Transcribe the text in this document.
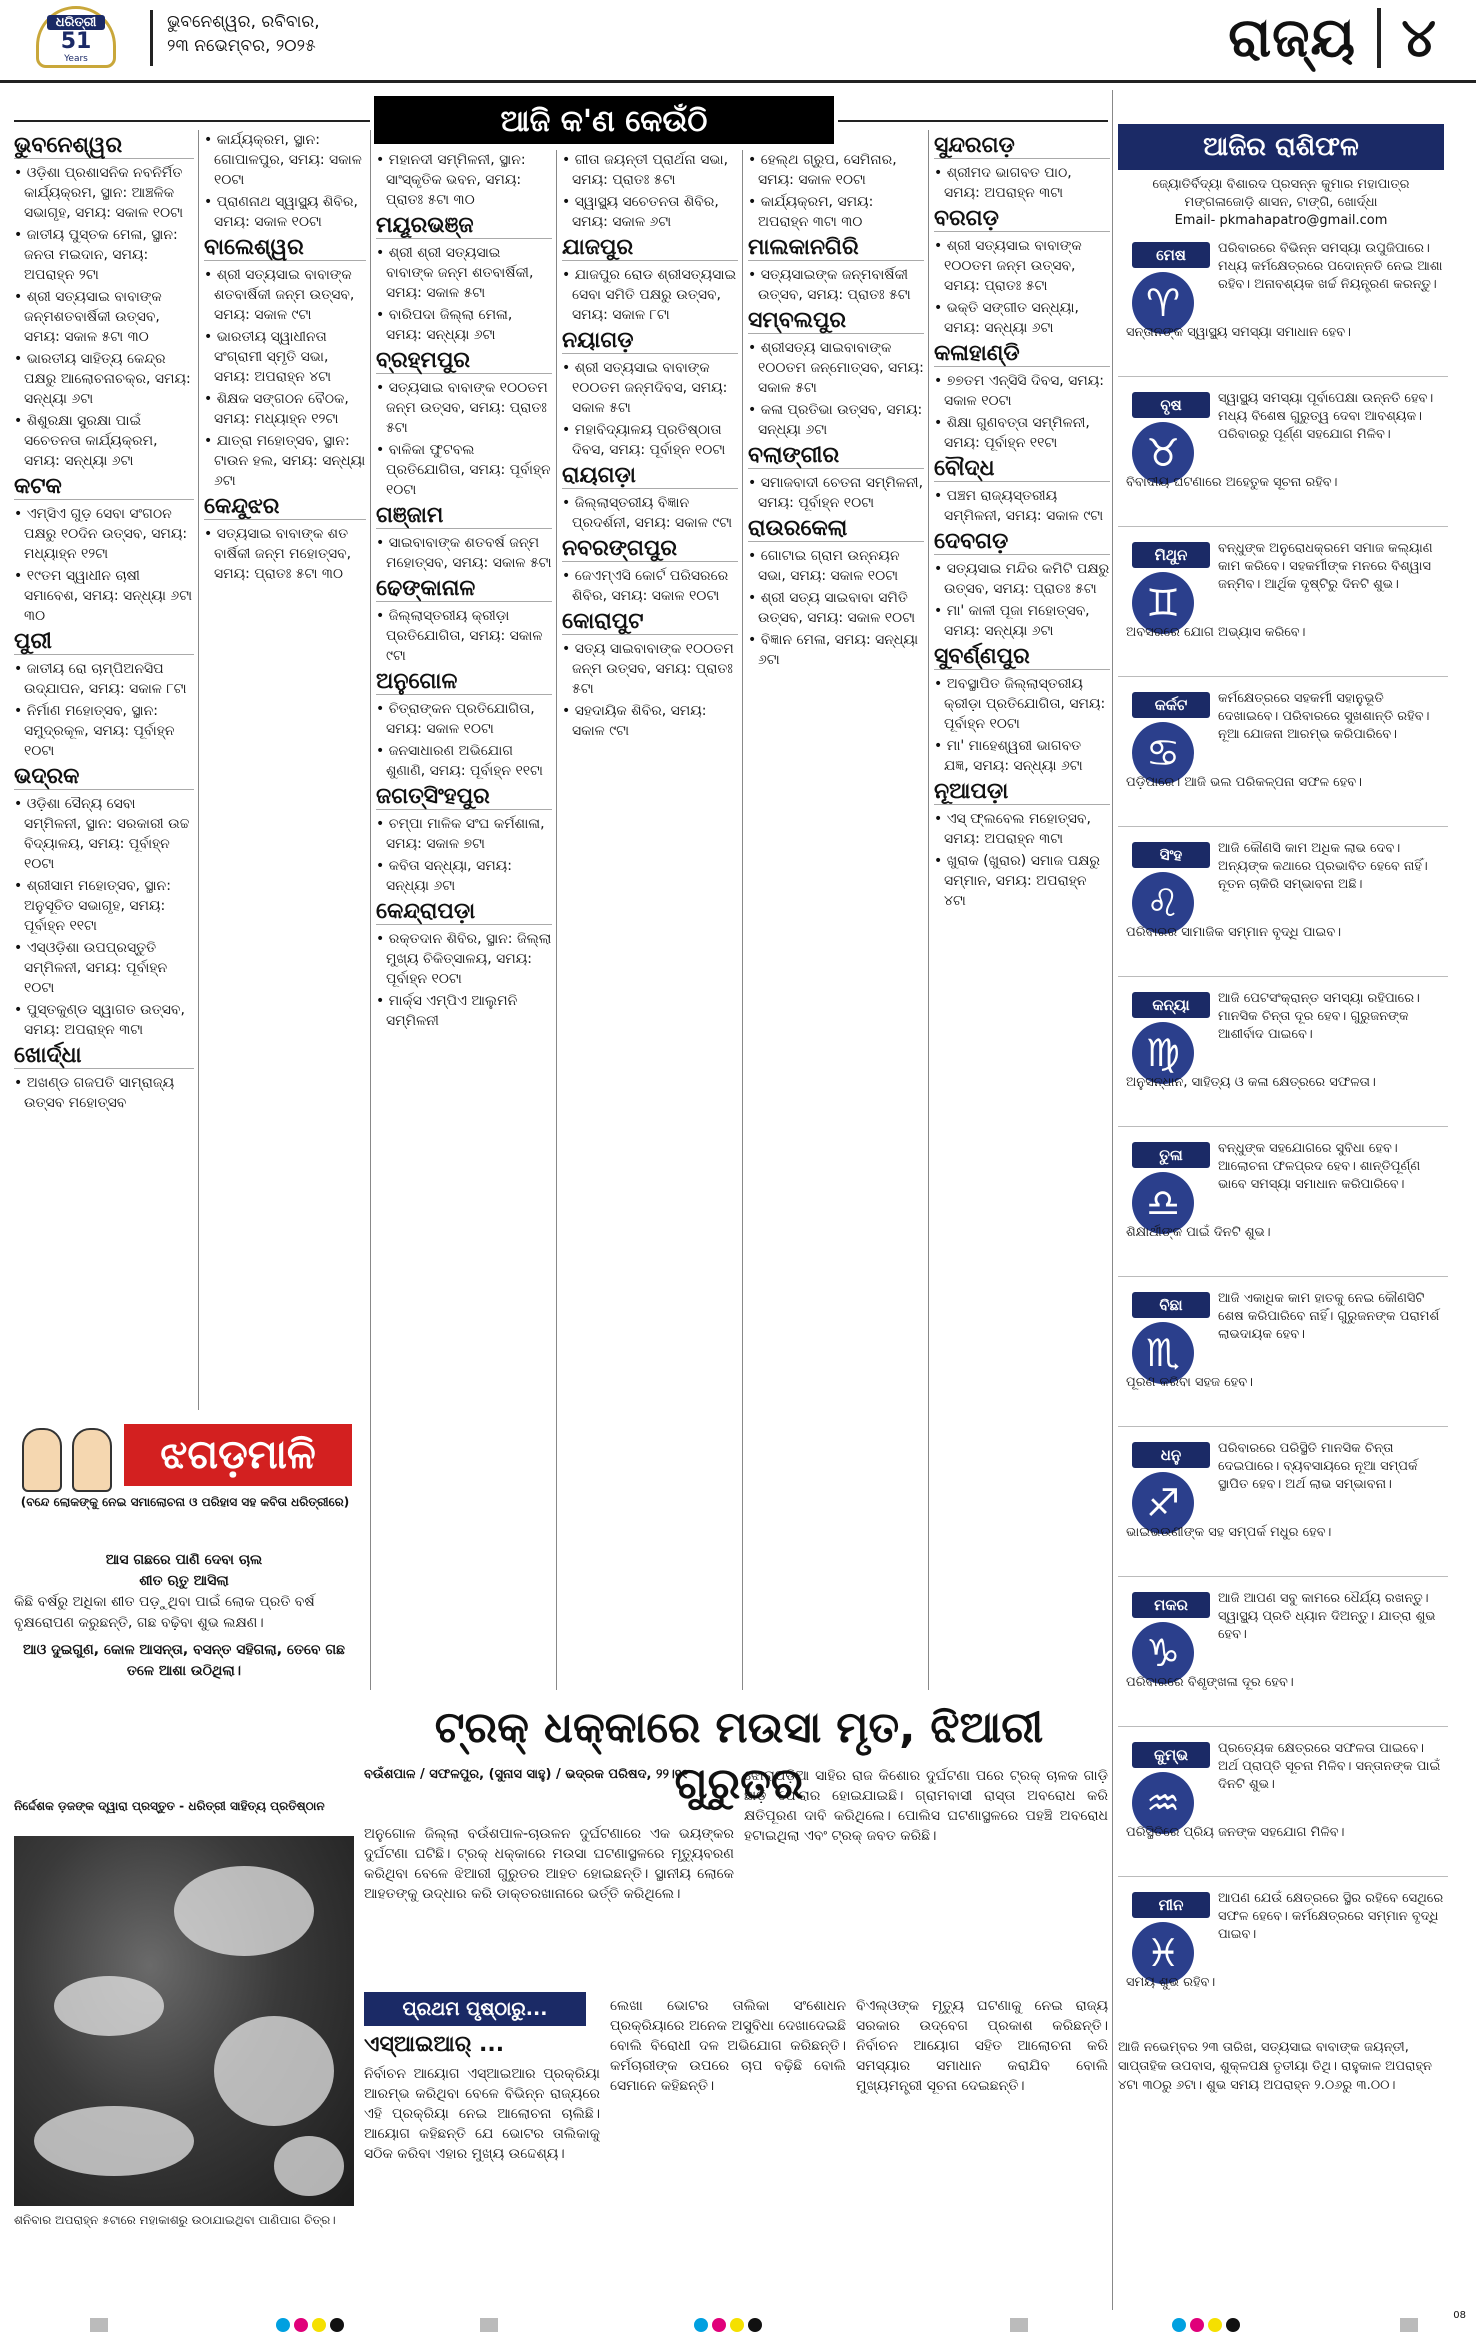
ଧରିତ୍ରୀ
51
Years
ଭୁବନେଶ୍ୱର, ରବିବାର,
୨୩ ନଭେମ୍ବର, ୨୦୨୫	ରାଜ୍ୟ ୪
ଆଜି କ'ଣ କେଉଁଠି
ଭୁବନେଶ୍ୱର
• ଓଡ଼ିଶା ପ୍ରଶାସନିକ ନବନିର୍ମିତ କାର୍ଯ୍ୟକ୍ରମ, ସ୍ଥାନ: ଆଞ୍ଚଳିକ ସଭାଗୃହ, ସମୟ: ସକାଳ ୧୦ଟା
• ଜାତୀୟ ପୁସ୍ତକ ମେଳା, ସ୍ଥାନ: ଜନତା ମଇଦାନ, ସମୟ: ଅପରାହ୍ନ ୨ଟା
• ଶ୍ରୀ ସତ୍ୟସାଇ ବାବାଙ୍କ ଜନ୍ମଶତବାର୍ଷିକୀ ଉତ୍ସବ, ସମୟ: ସକାଳ ୫ଟା ୩୦
• ଭାରତୀୟ ସାହିତ୍ୟ କେନ୍ଦ୍ର ପକ୍ଷରୁ ଆଲୋଚନାଚକ୍ର, ସମୟ: ସନ୍ଧ୍ୟା ୬ଟା
• ଶିଶୁରକ୍ଷା ସୁରକ୍ଷା ପାଇଁ ସଚେତନତା କାର୍ଯ୍ୟକ୍ରମ, ସମୟ: ସନ୍ଧ୍ୟା ୬ଟା
କଟକ
• ଏମ୍‌ସିଏ ଗୁଡ଼ ସେବା ସଂଗଠନ ପକ୍ଷରୁ ୧୦ଦିନ ଉତ୍ସବ, ସମୟ: ମଧ୍ୟାହ୍ନ ୧୨ଟା
• ୧୯ତମ ସ୍ୱାଧୀନ ଚାଷୀ ସମାବେଶ, ସମୟ: ସନ୍ଧ୍ୟା ୬ଟା ୩୦
ପୁରୀ
• ଜାତୀୟ ରୋ ଚାମ୍ପିଅନସିପ ଉଦ୍‌ଯାପନ, ସମୟ: ସକାଳ ୮ଟା
• ନିର୍ମାଣ ମହୋତ୍ସବ, ସ୍ଥାନ: ସମୁଦ୍ରକୂଳ, ସମୟ: ପୂର୍ବାହ୍ନ ୧୦ଟା
ଭଦ୍ରକ
• ଓଡ଼ିଶା ସୈନ୍ୟ ସେବା ସମ୍ମିଳନୀ, ସ୍ଥାନ: ସରକାରୀ ଉଚ୍ଚ ବିଦ୍ୟାଳୟ, ସମୟ: ପୂର୍ବାହ୍ନ ୧୦ଟା
• ଶ୍ରୀସାମ ମହୋତ୍ସବ, ସ୍ଥାନ: ଅନୁସୂଚିତ ସଭାଗୃହ, ସମୟ: ପୂର୍ବାହ୍ନ ୧୧ଟା
• ଏସ୍‌ଓଡ଼ିଶା ଉପପ୍ରସ୍ତୁତି ସମ୍ମିଳନୀ, ସମୟ: ପୂର୍ବାହ୍ନ ୧୦ଟା
• ପୁସ୍ତକୁଣ୍ଡ ସ୍ୱାଗତ ଉତ୍ସବ, ସମୟ: ଅପରାହ୍ନ ୩ଟା
ଖୋର୍ଦ୍ଧା
• ଅଖଣ୍ଡ ଗଜପତି ସାମ୍ରାଜ୍ୟ ଉତ୍ସବ ମହୋତ୍ସବ
• କାର୍ଯ୍ୟକ୍ରମ, ସ୍ଥାନ: ଗୋପାଳପୁର, ସମୟ: ସକାଳ ୧୦ଟା
• ପ୍ରାଣନାଥ ସ୍ୱାସ୍ଥ୍ୟ ଶିବିର, ସମୟ: ସକାଳ ୧୦ଟା
ବାଲେଶ୍ୱର
• ଶ୍ରୀ ସତ୍ୟସାଇ ବାବାଙ୍କ ଶତବାର୍ଷିକୀ ଜନ୍ମ ଉତ୍ସବ, ସମୟ: ସକାଳ ୯ଟା
• ଭାରତୀୟ ସ୍ୱାଧୀନତା ସଂଗ୍ରାମୀ ସ୍ମୃତି ସଭା, ସମୟ: ଅପରାହ୍ନ ୪ଟା
• ଶିକ୍ଷକ ସଙ୍ଗଠନ ବୈଠକ, ସମୟ: ମଧ୍ୟାହ୍ନ ୧୨ଟା
• ଯାତ୍ରା ମହୋତ୍ସବ, ସ୍ଥାନ: ଟାଉନ ହଲ, ସମୟ: ସନ୍ଧ୍ୟା ୬ଟା
କେନ୍ଦୁଝର
• ସତ୍ୟସାଇ ବାବାଙ୍କ ଶତ ବାର୍ଷିକୀ ଜନ୍ମ ମହୋତ୍ସବ, ସମୟ: ପ୍ରାତଃ ୫ଟା ୩୦
• ମହାନଦୀ ସମ୍ମିଳନୀ, ସ୍ଥାନ: ସାଂସ୍କୃତିକ ଭବନ, ସମୟ: ପ୍ରାତଃ ୫ଟା ୩୦
ମୟୂରଭଞ୍ଜ
• ଶ୍ରୀ ଶ୍ରୀ ସତ୍ୟସାଇ ବାବାଙ୍କ ଜନ୍ମ ଶତବାର୍ଷିକୀ, ସମୟ: ସକାଳ ୫ଟା
• ବାରିପଦା ଜିଲ୍ଲା ମେଳା, ସମୟ: ସନ୍ଧ୍ୟା ୬ଟା
ବ୍ରହ୍ମପୁର
• ସତ୍ୟସାଇ ବାବାଙ୍କ ୧୦୦ତମ ଜନ୍ମ ଉତ୍ସବ, ସମୟ: ପ୍ରାତଃ ୫ଟା
• ବାଳିକା ଫୁଟବଲ ପ୍ରତିଯୋଗିତା, ସମୟ: ପୂର୍ବାହ୍ନ ୧୦ଟା
ଗଞ୍ଜାମ
• ସାଇବାବାଙ୍କ ଶତବର୍ଷ ଜନ୍ମ ମହୋତ୍ସବ, ସମୟ: ସକାଳ ୫ଟା
ଢେଙ୍କାନାଳ
• ଜିଲ୍ଲାସ୍ତରୀୟ କ୍ରୀଡ଼ା ପ୍ରତିଯୋଗିତା, ସମୟ: ସକାଳ ୯ଟା
ଅନୁଗୋଳ
• ଚିତ୍ରାଙ୍କନ ପ୍ରତିଯୋଗିତା, ସମୟ: ସକାଳ ୧୦ଟା
• ଜନସାଧାରଣ ଅଭିଯୋଗ ଶୁଣାଣି, ସମୟ: ପୂର୍ବାହ୍ନ ୧୧ଟା
ଜଗତ୍‌ସିଂହପୁର
• ଚମ୍ପା ମାଳିକ ସଂଘ କର୍ମଶାଳା, ସମୟ: ସକାଳ ୭ଟା
• କବିତା ସନ୍ଧ୍ୟା, ସମୟ: ସନ୍ଧ୍ୟା ୬ଟା
କେନ୍ଦ୍ରାପଡ଼ା
• ରକ୍ତଦାନ ଶିବିର, ସ୍ଥାନ: ଜିଲ୍ଲା ମୁଖ୍ୟ ଚିକିତ୍ସାଳୟ, ସମୟ: ପୂର୍ବାହ୍ନ ୧୦ଟା
• ମାର୍କ୍ସ ଏମ୍‌ପିଏ ଆଲୁମନି ସମ୍ମିଳନୀ
• ଗୀତା ଜୟନ୍ତୀ ପ୍ରାର୍ଥନା ସଭା, ସମୟ: ପ୍ରାତଃ ୫ଟା
• ସ୍ୱାସ୍ଥ୍ୟ ସଚେତନତା ଶିବିର, ସମୟ: ସକାଳ ୬ଟା
ଯାଜପୁର
• ଯାଜପୁର ରୋଡ ଶ୍ରୀସତ୍ୟସାଇ ସେବା ସମିତି ପକ୍ଷରୁ ଉତ୍ସବ, ସମୟ: ସକାଳ ୮ଟା
ନୟାଗଡ଼
• ଶ୍ରୀ ସତ୍ୟସାଇ ବାବାଙ୍କ ୧୦୦ତମ ଜନ୍ମଦିବସ, ସମୟ: ସକାଳ ୫ଟା
• ମହାବିଦ୍ୟାଳୟ ପ୍ରତିଷ୍ଠାତା ଦିବସ, ସମୟ: ପୂର୍ବାହ୍ନ ୧୦ଟା
ରାୟଗଡ଼ା
• ଜିଲ୍ଲାସ୍ତରୀୟ ବିଜ୍ଞାନ ପ୍ରଦର୍ଶନୀ, ସମୟ: ସକାଳ ୯ଟା
ନବରଙ୍ଗପୁର
• ଜେଏମ୍‌ଏସି କୋର୍ଟ ପରିସରରେ ଶିବିର, ସମୟ: ସକାଳ ୧୦ଟା
କୋରାପୁଟ
• ସତ୍ୟ ସାଇବାବାଙ୍କ ୧୦୦ତମ ଜନ୍ମ ଉତ୍ସବ, ସମୟ: ପ୍ରାତଃ ୫ଟା
• ସହଦାୟିକ ଶିବିର, ସମୟ: ସକାଳ ୯ଟା
• ହେଲ୍ଥ ଗ୍ରୁପ, ସେମିନାର, ସମୟ: ସକାଳ ୧୦ଟା
• କାର୍ଯ୍ୟକ୍ରମ, ସମୟ: ଅପରାହ୍ନ ୩ଟା ୩୦
ମାଲକାନଗିରି
• ସତ୍ୟସାଇଙ୍କ ଜନ୍ମବାର୍ଷିକୀ ଉତ୍ସବ, ସମୟ: ପ୍ରାତଃ ୫ଟା
ସମ୍ବଲପୁର
• ଶ୍ରୀସତ୍ୟ ସାଇବାବାଙ୍କ ୧୦୦ତମ ଜନ୍ମୋତ୍ସବ, ସମୟ: ସକାଳ ୫ଟା
• କଳା ପ୍ରତିଭା ଉତ୍ସବ, ସମୟ: ସନ୍ଧ୍ୟା ୬ଟା
ବଲାଙ୍ଗୀର
• ସମାଜବାଦୀ ଚେତନା ସମ୍ମିଳନୀ, ସମୟ: ପୂର୍ବାହ୍ନ ୧୦ଟା
ରାଉରକେଲା
• ଗୋଟାଇ ଗ୍ରାମ ଉନ୍ନୟନ ସଭା, ସମୟ: ସକାଳ ୧୦ଟା
• ଶ୍ରୀ ସତ୍ୟ ସାଇବାବା ସମିତି ଉତ୍ସବ, ସମୟ: ସକାଳ ୧୦ଟା
• ବିଜ୍ଞାନ ମେଳା, ସମୟ: ସନ୍ଧ୍ୟା ୬ଟା
ସୁନ୍ଦରଗଡ଼
• ଶ୍ରୀମଦ ଭାଗବତ ପାଠ, ସମୟ: ଅପରାହ୍ନ ୩ଟା
ବରଗଡ଼
• ଶ୍ରୀ ସତ୍ୟସାଇ ବାବାଙ୍କ ୧୦୦ତମ ଜନ୍ମ ଉତ୍ସବ, ସମୟ: ପ୍ରାତଃ ୫ଟା
• ଭକ୍ତି ସଙ୍ଗୀତ ସନ୍ଧ୍ୟା, ସମୟ: ସନ୍ଧ୍ୟା ୬ଟା
କଳାହାଣ୍ଡି
• ୭୭ତମ ଏନ୍‌ସିସି ଦିବସ, ସମୟ: ସକାଳ ୧୦ଟା
• ଶିକ୍ଷା ଗୁଣବତ୍ତା ସମ୍ମିଳନୀ, ସମୟ: ପୂର୍ବାହ୍ନ ୧୧ଟା
ବୌଦ୍ଧ
• ପଞ୍ଚମ ରାଜ୍ୟସ୍ତରୀୟ ସମ୍ମିଳନୀ, ସମୟ: ସକାଳ ୯ଟା
ଦେବଗଡ଼
• ସତ୍ୟସାଇ ମନ୍ଦିର କମିଟି ପକ୍ଷରୁ ଉତ୍ସବ, ସମୟ: ପ୍ରାତଃ ୫ଟା
• ମା' କାଳୀ ପୂଜା ମହୋତ୍ସବ, ସମୟ: ସନ୍ଧ୍ୟା ୬ଟା
ସୁବର୍ଣ୍ଣପୁର
• ଅବସ୍ଥାପିତ ଜିଲ୍ଲାସ୍ତରୀୟ କ୍ରୀଡ଼ା ପ୍ରତିଯୋଗିତା, ସମୟ: ପୂର୍ବାହ୍ନ ୧୦ଟା
• ମା' ମାହେଶ୍ୱରୀ ଭାଗବତ ଯଜ୍ଞ, ସମୟ: ସନ୍ଧ୍ୟା ୬ଟା
ନୂଆପଡ଼ା
• ଏସ୍ ଫ୍ଲବେଲ ମହୋତ୍ସବ, ସମୟ: ଅପରାହ୍ନ ୩ଟା
• ଖୁରାକ (ଖୁରାର) ସମାଜ ପକ୍ଷରୁ ସମ୍ମାନ, ସମୟ: ଅପରାହ୍ନ ୪ଟା
ଆଜିର ରାଶିଫଳ
ଜ୍ୟୋତିର୍ବିଦ୍ୟା ବିଶାରଦ ପ୍ରସନ୍ନ କୁମାର ମହାପାତ୍ର
ମଙ୍ଗଳାଜୋଡ଼ି ଶାସନ, ଟାଙ୍ଗି, ଖୋର୍ଦ୍ଧା
Email- pkmahapatro@gmail.com
ମେଷ
♈
ପରିବାରରେ ବିଭିନ୍ନ ସମସ୍ୟା ଉପୁଜିପାରେ। ମଧ୍ୟ କର୍ମକ୍ଷେତ୍ରରେ ପଦୋନ୍ନତି ନେଇ ଆଶା ରହିବ। ଅନାବଶ୍ୟକ ଖର୍ଚ୍ଚ ନିୟନ୍ତ୍ରଣ କରନ୍ତୁ।
ସନ୍ତାନଙ୍କ ସ୍ୱାସ୍ଥ୍ୟ ସମସ୍ୟା ସମାଧାନ ହେବ।
ବୃଷ
♉
ସ୍ୱାସ୍ଥ୍ୟ ସମସ୍ୟା ପୂର୍ବାପେକ୍ଷା ଉନ୍ନତି ହେବ। ମଧ୍ୟ ବିଶେଷ ଗୁରୁତ୍ୱ ଦେବା ଆବଶ୍ୟକ। ପରିବାରରୁ ପୂର୍ଣ୍ଣ ସହଯୋଗ ମିଳିବ।
ବିବାଦୀୟ ଘଟଣାରେ ଅହେତୁକ ସୂଚନା ରହିବ।
ମିଥୁନ
♊
ବନ୍ଧୁଙ୍କ ଅନୁରୋଧକ୍ରମେ ସମାଜ କଲ୍ୟାଣ କାମ କରିବେ। ସହକର୍ମୀଙ୍କ ମନରେ ବିଶ୍ୱାସ ଜନ୍ମିବ। ଆର୍ଥିକ ଦୃଷ୍ଟିରୁ ଦିନଟି ଶୁଭ।
ଅବସରରେ ଯୋଗ ଅଭ୍ୟାସ କରିବେ।
କର୍କଟ
♋
କର୍ମକ୍ଷେତ୍ରରେ ସହକର୍ମୀ ସହାନୁଭୂତି ଦେଖାଇବେ। ପରିବାରରେ ସୁଖଶାନ୍ତି ରହିବ। ନୂଆ ଯୋଜନା ଆରମ୍ଭ କରିପାରିବେ।
ପଡ଼ିପାରେ। ଆଜି ଭଲ ପରିକଳ୍ପନା ସଫଳ ହେବ।
ସିଂହ
♌
ଆଜି କୌଣସି କାମ ଅଧିକ ଲାଭ ଦେବ। ଅନ୍ୟଙ୍କ କଥାରେ ପ୍ରଭାବିତ ହେବେ ନାହିଁ। ନୂତନ ଚାକିରି ସମ୍ଭାବନା ଅଛି।
ପରିବାରର ସାମାଜିକ ସମ୍ମାନ ବୃଦ୍ଧି ପାଇବ।
କନ୍ୟା
♍
ଆଜି ପେଟସଂକ୍ରାନ୍ତ ସମସ୍ୟା ରହିପାରେ। ମାନସିକ ଚିନ୍ତା ଦୂର ହେବ। ଗୁରୁଜନଙ୍କ ଆଶୀର୍ବାଦ ପାଇବେ।
ଅନୁସନ୍ଧାନ, ସାହିତ୍ୟ ଓ କଳା କ୍ଷେତ୍ରରେ ସଫଳତା।
ତୁଳା
♎
ବନ୍ଧୁଙ୍କ ସହଯୋଗରେ ସୁବିଧା ହେବ। ଆଲୋଚନା ଫଳପ୍ରଦ ହେବ। ଶାନ୍ତିପୂର୍ଣ୍ଣ ଭାବେ ସମସ୍ୟା ସମାଧାନ କରିପାରିବେ।
ଶିକ୍ଷାର୍ଥୀଙ୍କ ପାଇଁ ଦିନଟି ଶୁଭ।
ବିଛା
♏
ଆଜି ଏକାଧିକ କାମ ହାତକୁ ନେଇ କୌଣସିଟି ଶେଷ କରିପାରିବେ ନାହିଁ। ଗୁରୁଜନଙ୍କ ପରାମର୍ଶ ଲାଭଦାୟକ ହେବ।
ପୂରଣ କରିବା ସହଜ ହେବ।
ଧନୁ
♐
ପରିବାରରେ ପରିସ୍ଥିତି ମାନସିକ ଚିନ୍ତା ଦେଇପାରେ। ବ୍ୟବସାୟରେ ନୂଆ ସମ୍ପର୍କ ସ୍ଥାପିତ ହେବ। ଅର୍ଥ ଲାଭ ସମ୍ଭାବନା।
ଭାଇଭଉଣୀଙ୍କ ସହ ସମ୍ପର୍କ ମଧୁର ହେବ।
ମକର
♑
ଆଜି ଆପଣ ସବୁ କାମରେ ଧୈର୍ଯ୍ୟ ରଖନ୍ତୁ। ସ୍ୱାସ୍ଥ୍ୟ ପ୍ରତି ଧ୍ୟାନ ଦିଅନ୍ତୁ। ଯାତ୍ରା ଶୁଭ ହେବ।
ପରିବାରରେ ବିଶୃଙ୍ଖଳା ଦୂର ହେବ।
କୁମ୍ଭ
♒
ପ୍ରତ୍ୟେକ କ୍ଷେତ୍ରରେ ସଫଳତା ପାଇବେ। ଅର୍ଥ ପ୍ରାପ୍ତି ସୂଚନା ମିଳିବ। ସନ୍ତାନଙ୍କ ପାଇଁ ଦିନଟି ଶୁଭ।
ପରିସ୍ଥିତିରେ ପ୍ରିୟ ଜନଙ୍କ ସହଯୋଗ ମିଳିବ।
ମୀନ
♓
ଆପଣ ଯେଉଁ କ୍ଷେତ୍ରରେ ସ୍ଥିର ରହିବେ ସେଥିରେ ସଫଳ ହେବେ। କର୍ମକ୍ଷେତ୍ରରେ ସମ୍ମାନ ବୃଦ୍ଧି ପାଇବ।
ସମୟ ଶୁଭ ରହିବ।
ଆଜି ନଭେମ୍ବର ୨୩ ତାରିଖ, ସତ୍ୟସାଇ ବାବାଙ୍କ ଜୟନ୍ତୀ, ସାପ୍ତାହିକ ଉପବାସ, ଶୁକ୍ଳପକ୍ଷ ତୃତୀୟା ତିଥି। ରାହୁକାଳ ଅପରାହ୍ନ ୪ଟା ୩୦ରୁ ୬ଟା। ଶୁଭ ସମୟ ଅପରାହ୍ନ ୨.୦୬ରୁ ୩.୦୦।
ଝଗଡ଼ମାଳି
(ବନ୍ଦେ ଲୋକଙ୍କୁ ନେଇ ସମାଲୋଚନା ଓ ପରିହାସ ସହ କବିତା ଧରିତ୍ରୀରେ)
ଆସ ଗଛରେ ପାଣି ଦେବା ଚାଲ
ଶୀତ ଋତୁ ଆସିଲା
କିଛି ବର୍ଷରୁ ଅଧିକା ଶୀତ ପଡ଼ୁଥିବା ପାଇଁ ଲୋକ ପ୍ରତି ବର୍ଷ ବୃକ୍ଷରୋପଣ କରୁଛନ୍ତି, ଗଛ ବଢ଼ିବା ଶୁଭ ଲକ୍ଷଣ।
ଆଓ ଦୁଇଗୁଣ, କୋଳ ଆସନ୍ତା, ବସନ୍ତ ସହିଗଲା, ତେବେ ଗଛ ତଳେ ଆଶା ଉଠିଥିଲା।
ନିର୍ଦ୍ଦେଶକ ଡ଼ଜଙ୍କ ଦ୍ୱାରା ପ୍ରସ୍ତୁତ - ଧରିତ୍ରୀ ସାହିତ୍ୟ ପ୍ରତିଷ୍ଠାନ
ଶନିବାର ଅପରାହ୍ନ ୫ଟାରେ ମହାକାଶରୁ ଉଠାଯାଇଥିବା ପାଣିପାଗ ଚିତ୍ର।
ଟ୍ରକ୍ ଧକ୍କାରେ ମଉସା ମୃତ, ଝିଆରୀ ଗୁରୁତର
ବଉଁଶପାଳ / ସଫଳପୁର, (ସୁନାସ ସାହୁ) / ଭଦ୍ରକ ପରିଷଦ, ୨୨।୧୧
ଅନୁଗୋଳ ଜିଲ୍ଲା ବଉଁଶପାଳ-ଚାଉଳନ ଦୁର୍ଘଟଣାରେ ଏକ ଭୟଙ୍କର ଦୁର୍ଘଟଣା ଘଟିଛି। ଟ୍ରକ୍ ଧକ୍କାରେ ମଉସା ଘଟଣାସ୍ଥଳରେ ମୃତ୍ୟୁବରଣ କରିଥିବା ବେଳେ ଝିଆରୀ ଗୁରୁତର ଆହତ ହୋଇଛନ୍ତି। ସ୍ଥାନୀୟ ଲୋକେ ଆହତଙ୍କୁ ଉଦ୍ଧାର କରି ଡାକ୍ତରଖାନାରେ ଭର୍ତ୍ତି କରିଥିଲେ।
ଝୋରାପଡ଼ିଆ ସାହିର ରାଜ କିଶୋର ଦୁର୍ଘଟଣା ପରେ ଟ୍ରକ୍ ଚାଳକ ଗାଡ଼ି ଛାଡ଼ି ଫେରାର ହୋଇଯାଇଛି। ଗ୍ରାମବାସୀ ରାସ୍ତା ଅବରୋଧ କରି କ୍ଷତିପୂରଣ ଦାବି କରିଥିଲେ। ପୋଲିସ ଘଟଣାସ୍ଥଳରେ ପହଞ୍ଚି ଅବରୋଧ ହଟାଇଥିଲା ଏବଂ ଟ୍ରକ୍ ଜବତ କରିଛି।
ପ୍ରଥମ ପୃଷ୍ଠାରୁ...
ଏସ୍ଆଇଆର୍ ...
ନିର୍ବାଚନ ଆୟୋଗ ଏସ୍ଆଇଆର ପ୍ରକ୍ରିୟା ଆରମ୍ଭ କରିଥିବା ବେଳେ ବିଭିନ୍ନ ରାଜ୍ୟରେ ଏହି ପ୍ରକ୍ରିୟା ନେଇ ଆଲୋଚନା ଚାଲିଛି। ଆୟୋଗ କହିଛନ୍ତି ଯେ ଭୋଟର ତାଲିକାକୁ ସଠିକ କରିବା ଏହାର ମୁଖ୍ୟ ଉଦ୍ଦେଶ୍ୟ।
ଲେଖା ଭୋଟର ତାଲିକା ସଂଶୋଧନ ପ୍ରକ୍ରିୟାରେ ଅନେକ ଅସୁବିଧା ଦେଖାଦେଇଛି ବୋଲି ବିରୋଧୀ ଦଳ ଅଭିଯୋଗ କରିଛନ୍ତି। କର୍ମଚାରୀଙ୍କ ଉପରେ ଚାପ ବଢ଼ିଛି ବୋଲି ସେମାନେ କହିଛନ୍ତି।
ବିଏଲ୍‌ଓଙ୍କ ମୃତ୍ୟୁ ଘଟଣାକୁ ନେଇ ରାଜ୍ୟ ସରକାର ଉଦ୍‌ବେଗ ପ୍ରକାଶ କରିଛନ୍ତି। ନିର୍ବାଚନ ଆୟୋଗ ସହିତ ଆଲୋଚନା କରି ସମସ୍ୟାର ସମାଧାନ କରାଯିବ ବୋଲି ମୁଖ୍ୟମନ୍ତ୍ରୀ ସୂଚନା ଦେଇଛନ୍ତି।
08
